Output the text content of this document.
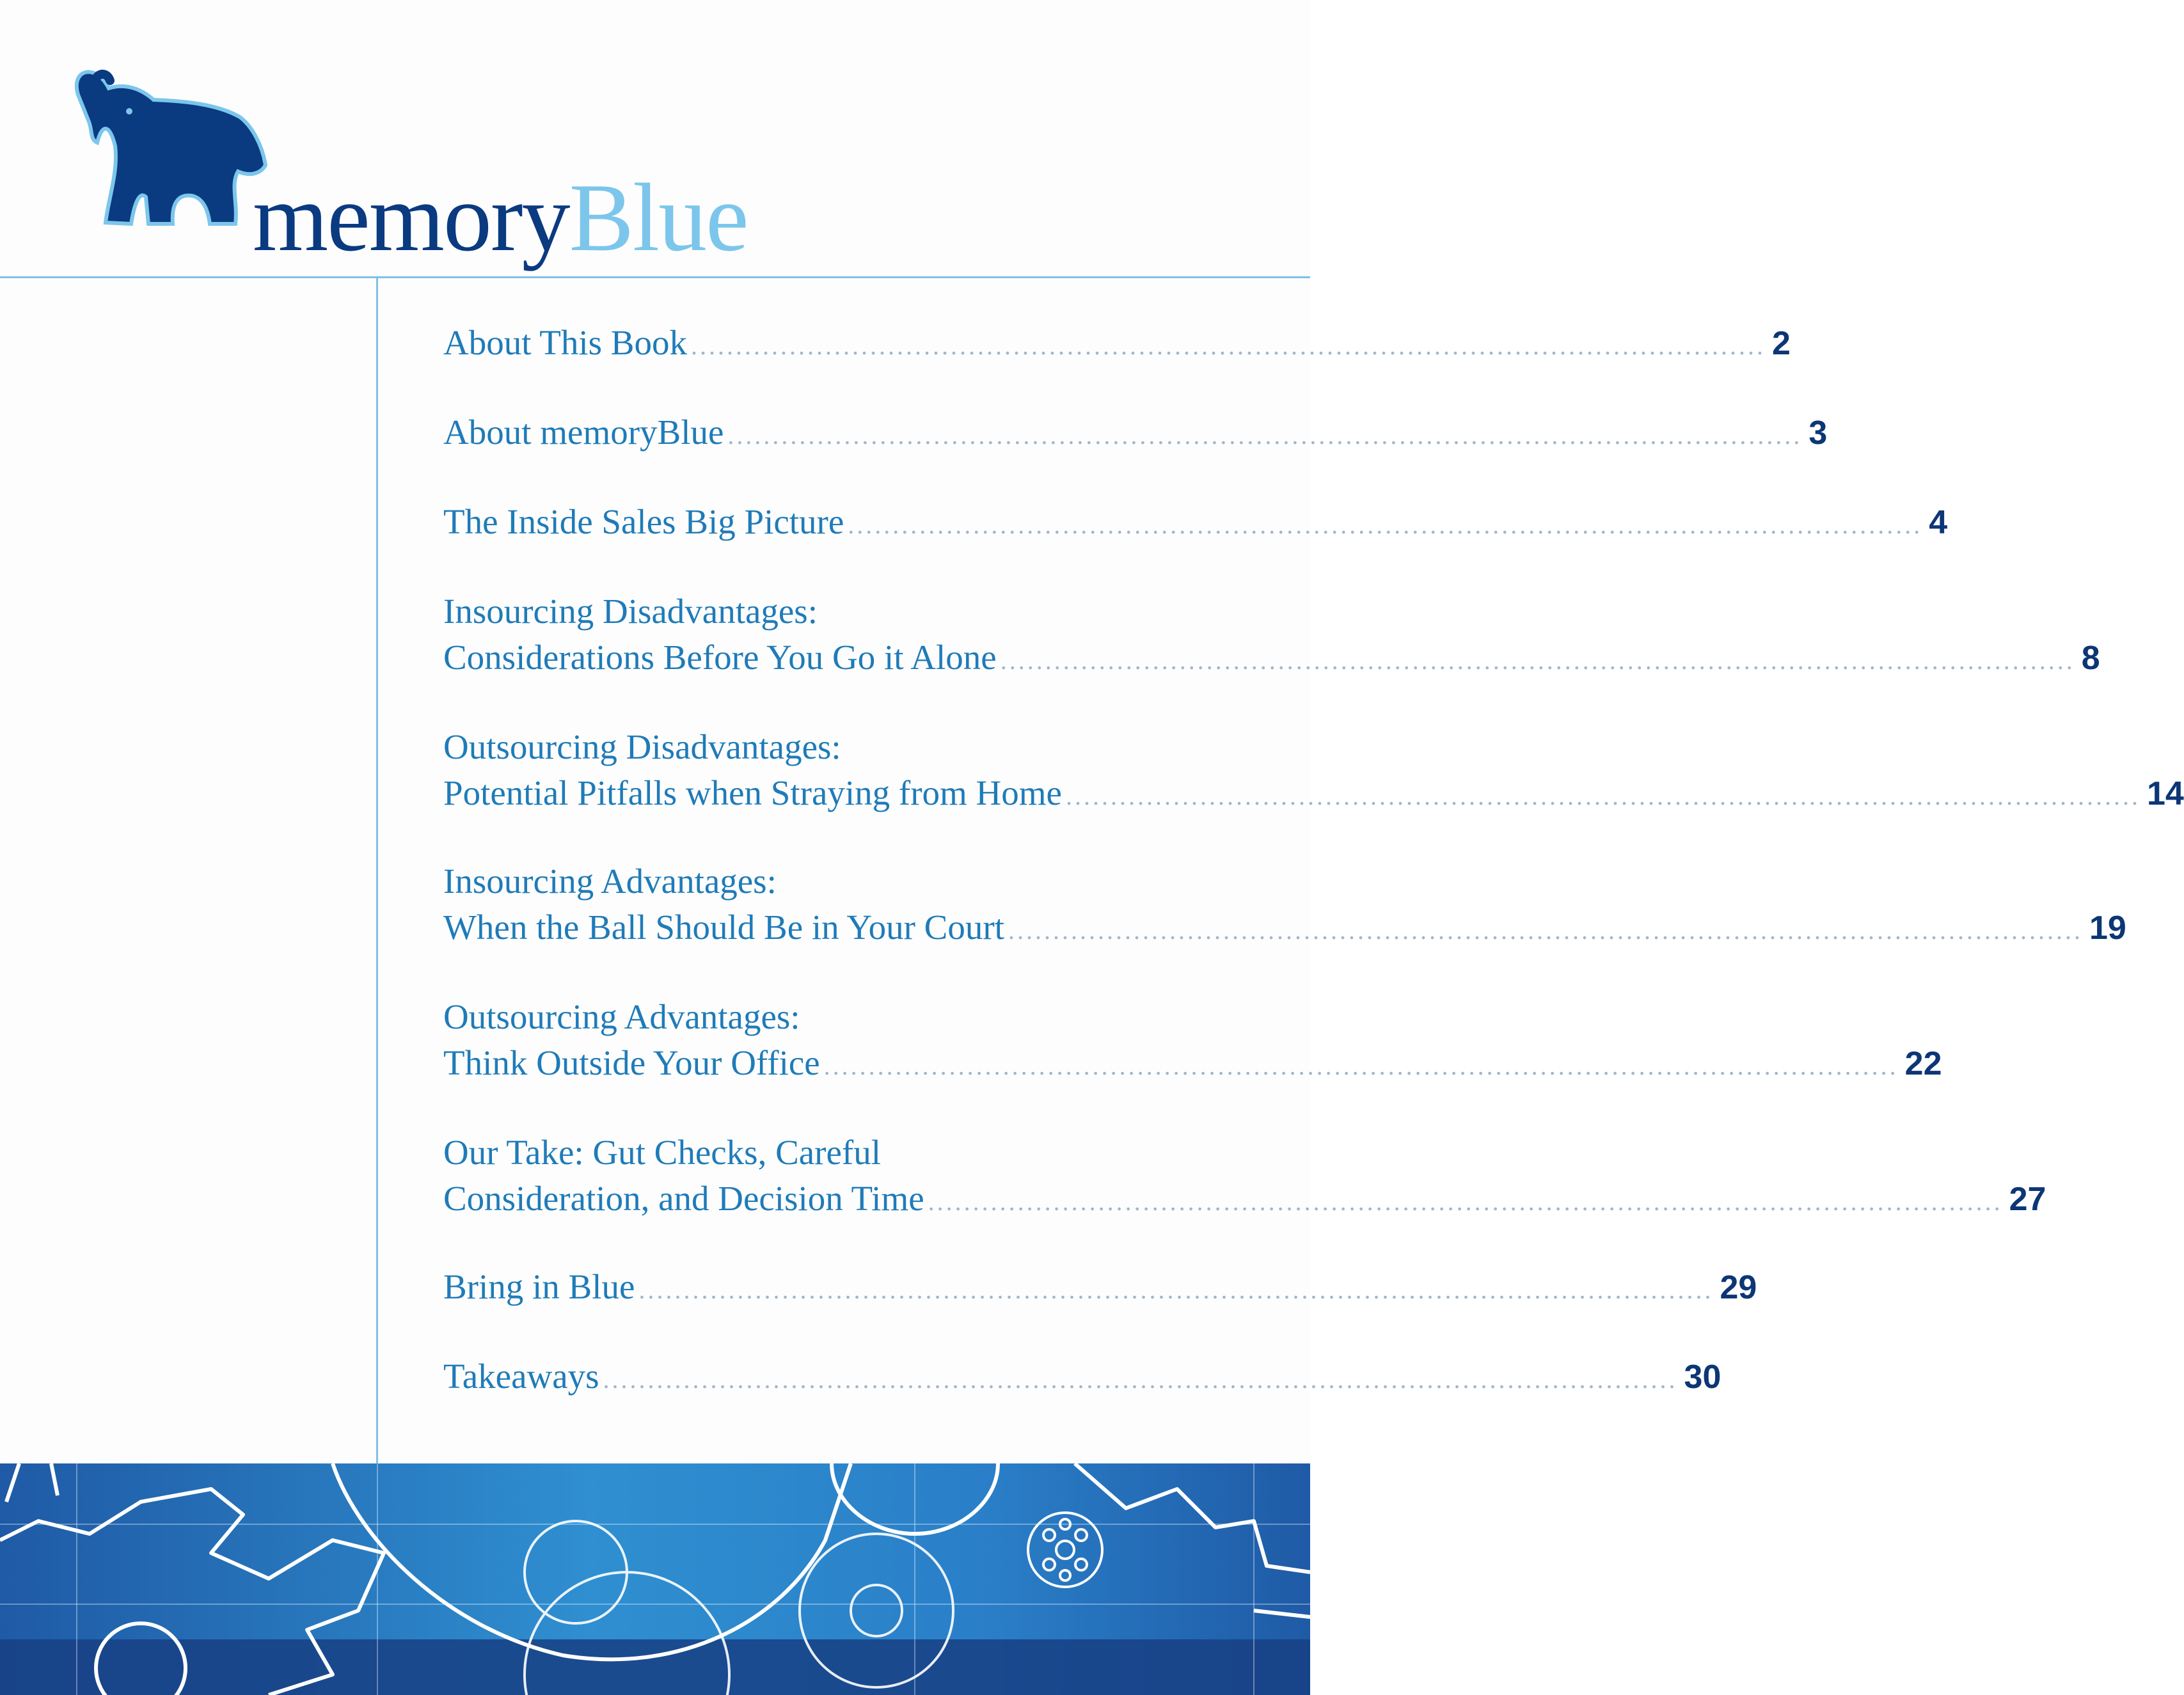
memoryBlue
About This Book ........................................................................................................................ 2
About memoryBlue ........................................................................................................................ 3
The Inside Sales Big Picture ........................................................................................................................ 4
Insourcing Disadvantages:
Considerations Before You Go it Alone ........................................................................................................................ 8
Outsourcing Disadvantages:
Potential Pitfalls when Straying from Home ........................................................................................................................ 14
Insourcing Advantages:
When the Ball Should Be in Your Court ........................................................................................................................ 19
Outsourcing Advantages:
Think Outside Your Office ........................................................................................................................ 22
Our Take: Gut Checks, Careful
Consideration, and Decision Time ........................................................................................................................ 27
Bring in Blue ........................................................................................................................ 29
Takeaways ........................................................................................................................ 30
